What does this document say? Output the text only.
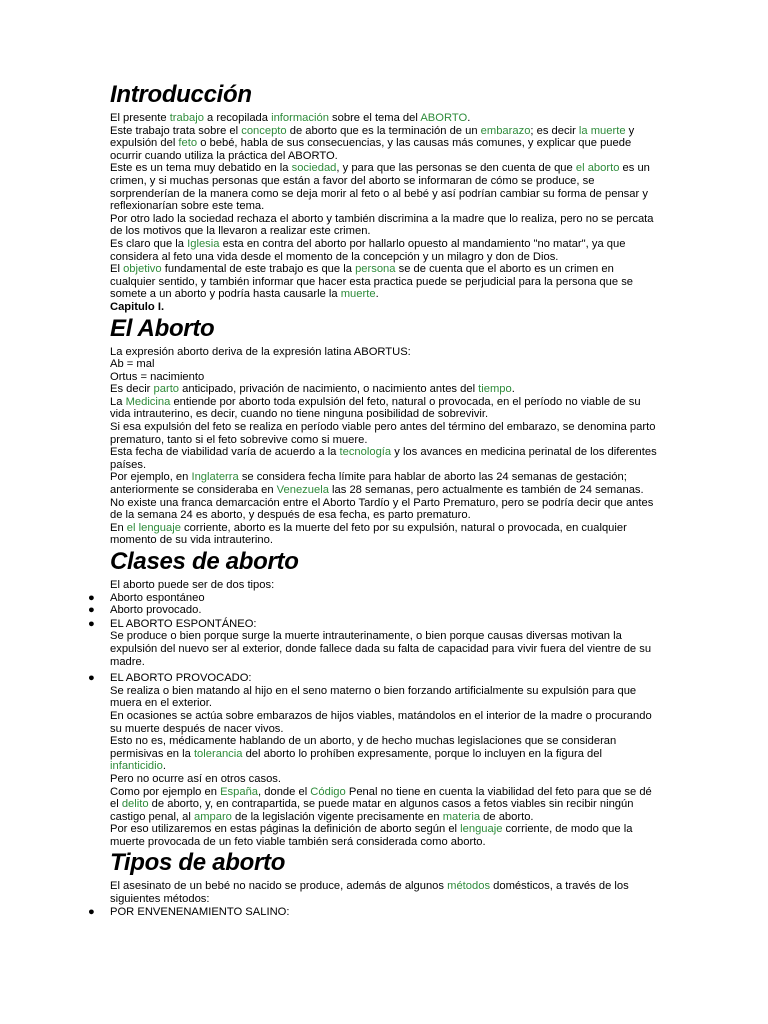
Introducción

El presente trabajo a recopilada información sobre el tema del ABORTO.

Este trabajo trata sobre el concepto de aborto que es la terminación de un embarazo; es decir la muerte y expulsión del feto o bebé, habla de sus consecuencias, y las causas más comunes, y explicar que puede ocurrir cuando utiliza la práctica del ABORTO.

Este es un tema muy debatido en la sociedad, y para que las personas se den cuenta de que el aborto es un crimen, y si muchas personas que están a favor del aborto se informaran de cómo se produce, se sorprenderían de la manera como se deja morir al feto o al bebé y así podrían cambiar su forma de pensar y reflexionarían sobre este tema.

Por otro lado la sociedad rechaza el aborto y también discrimina a la madre que lo realiza, pero no se percata de los motivos que la llevaron a realizar este crimen.

Es claro que la Iglesia esta en contra del aborto por hallarlo opuesto al mandamiento "no matar", ya que considera al feto una vida desde el momento de la concepción y un milagro y don de Dios.

El objetivo fundamental de este trabajo es que la persona se de cuenta que el aborto es un crimen en cualquier sentido, y también informar que hacer esta practica puede se perjudicial para la persona que se somete a un aborto y podría hasta causarle la muerte.

Capitulo I.

El Aborto

La expresión aborto deriva de la expresión latina ABORTUS:

Ab = mal

Ortus = nacimiento

Es decir parto anticipado, privación de nacimiento, o nacimiento antes del tiempo.

La Medicina entiende por aborto toda expulsión del feto, natural o provocada, en el período no viable de su vida intrauterino, es decir, cuando no tiene ninguna posibilidad de sobrevivir.

Si esa expulsión del feto se realiza en período viable pero antes del término del embarazo, se denomina parto prematuro, tanto si el feto sobrevive como si muere.

Esta fecha de viabilidad varía de acuerdo a la tecnología y los avances en medicina perinatal de los diferentes países.

Por ejemplo, en Inglaterra se considera fecha límite para hablar de aborto las 24 semanas de gestación; anteriormente se consideraba en Venezuela las 28 semanas, pero actualmente es también de 24 semanas.

No existe una franca demarcación entre el Aborto Tardío y el Parto Prematuro, pero se podría decir que antes de la semana 24 es aborto, y después de esa fecha, es parto prematuro.

En el lenguaje corriente, aborto es la muerte del feto por su expulsión, natural o provocada, en cualquier momento de su vida intrauterino.

Clases de aborto

El aborto puede ser de dos tipos:

● Aborto espontáneo

● Aborto provocado.

● EL ABORTO ESPONTÁNEO:

Se produce o bien porque surge la muerte intrauterinamente, o bien porque causas diversas motivan la expulsión del nuevo ser al exterior, donde fallece dada su falta de capacidad para vivir fuera del vientre de su madre.

● EL ABORTO PROVOCADO:

Se realiza o bien matando al hijo en el seno materno o bien forzando artificialmente su expulsión para que muera en el exterior.

En ocasiones se actúa sobre embarazos de hijos viables, matándolos en el interior de la madre o procurando su muerte después de nacer vivos.

Esto no es, médicamente hablando de un aborto, y de hecho muchas legislaciones que se consideran permisivas en la tolerancia del aborto lo prohíben expresamente, porque lo incluyen en la figura del infanticidio.

Pero no ocurre así en otros casos.

Como por ejemplo en España, donde el Código Penal no tiene en cuenta la viabilidad del feto para que se dé el delito de aborto, y, en contrapartida, se puede matar en algunos casos a fetos viables sin recibir ningún castigo penal, al amparo de la legislación vigente precisamente en materia de aborto.

Por eso utilizaremos en estas páginas la definición de aborto según el lenguaje corriente, de modo que la muerte provocada de un feto viable también será considerada como aborto.

Tipos de aborto

El asesinato de un bebé no nacido se produce, además de algunos métodos domésticos, a través de los siguientes métodos:

● POR ENVENENAMIENTO SALINO:
